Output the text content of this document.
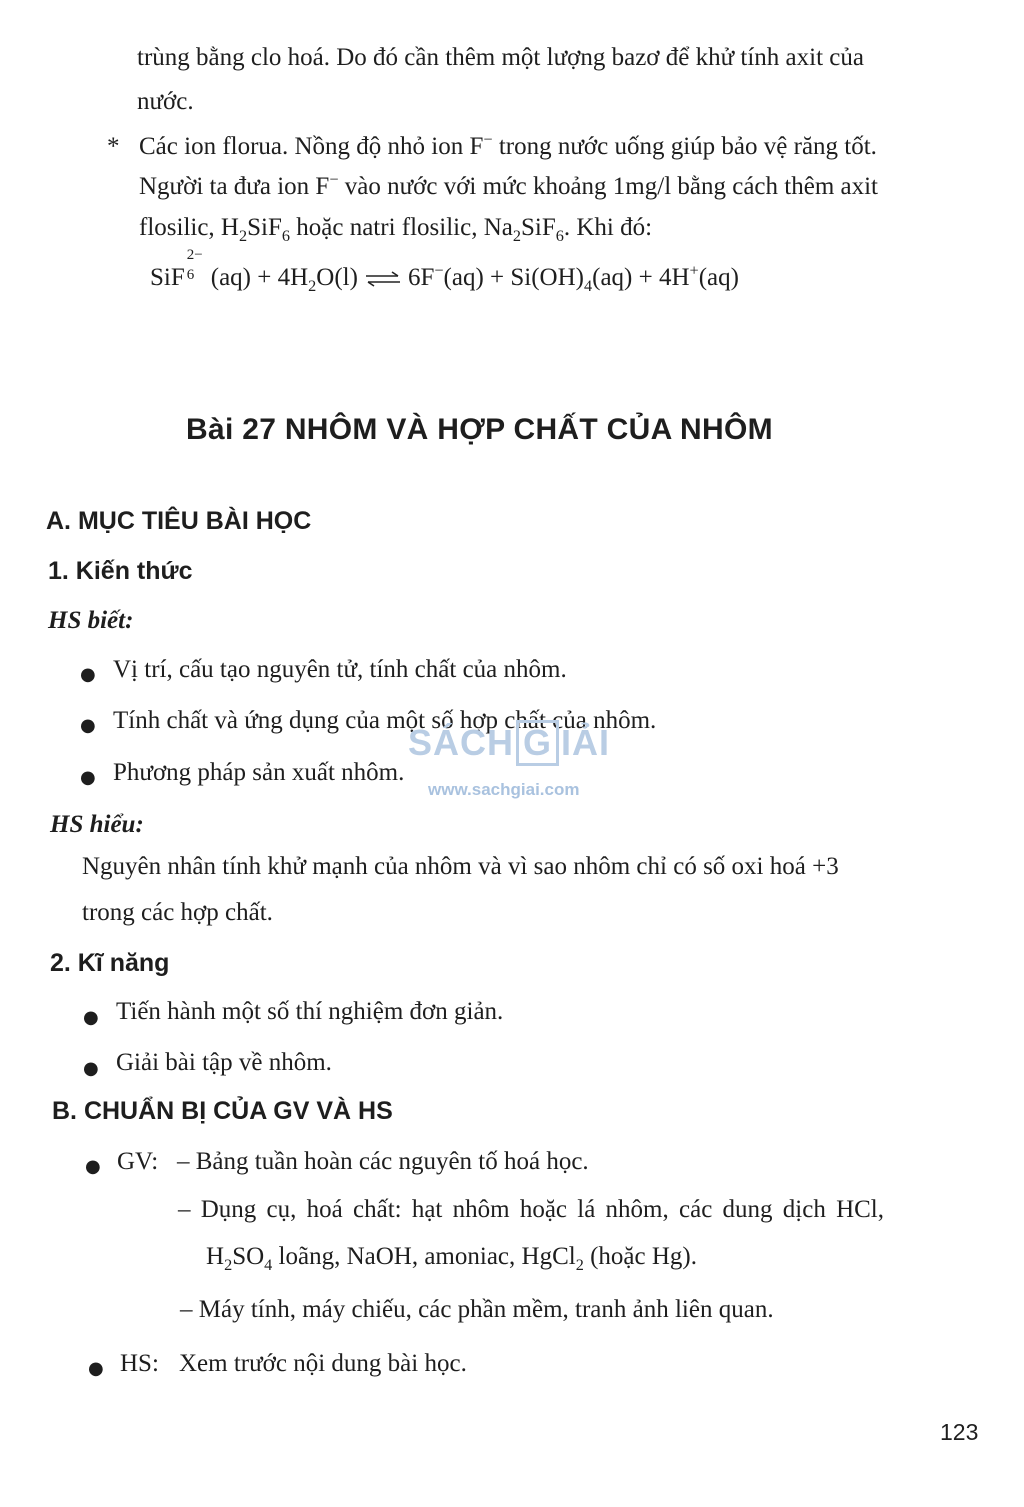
trùng bằng clo hoá. Do đó cần thêm một lượng bazơ để khử tính axit của
nước.
* Các ion florua. Nồng độ nhỏ ion F− trong nước uống giúp bảo vệ răng tốt.
Người ta đưa ion F− vào nước với mức khoảng 1mg/l bằng cách thêm axit
flosilic, $H_2SiF_6$ hoặc natri flosilic, $Na_2SiF_6$. Khi đó:
SiF
2−
6 $(aq) + 4H_2O(l)$ ⇌ $6F^-(aq) + Si(OH)_4(aq) + 4H^+(aq)$
Bài 27 NHÔM VÀ HỢP CHẤT CỦA NHÔM
A. MỤC TIÊU BÀI HỌC
1. Kiến thức
HS biết:
● Vị trí, cấu tạo nguyên tử, tính chất của nhôm.
● Tính chất và ứng dụng của một số hợp chất của nhôm.
● Phương pháp sản xuất nhôm.
HS hiểu:
Nguyên nhân tính khử mạnh của nhôm và vì sao nhôm chỉ có số oxi hoá +3
trong các hợp chất.
2. Kĩ năng
● Tiến hành một số thí nghiệm đơn giản.
● Giải bài tập về nhôm.
B. CHUẨN BỊ CỦA GV VÀ HS
● GV: – Bảng tuần hoàn các nguyên tố hoá học.
– Dụng cụ, hoá chất: hạt nhôm hoặc lá nhôm, các dung dịch HCl,
$H_2SO_4$ loãng, NaOH, amoniac, HgCl$_2$ (hoặc Hg).
– Máy tính, máy chiếu, các phần mềm, tranh ảnh liên quan.
● HS: Xem trước nội dung bài học.
SÁCH G IẢI
www.sachgiai.com
123
